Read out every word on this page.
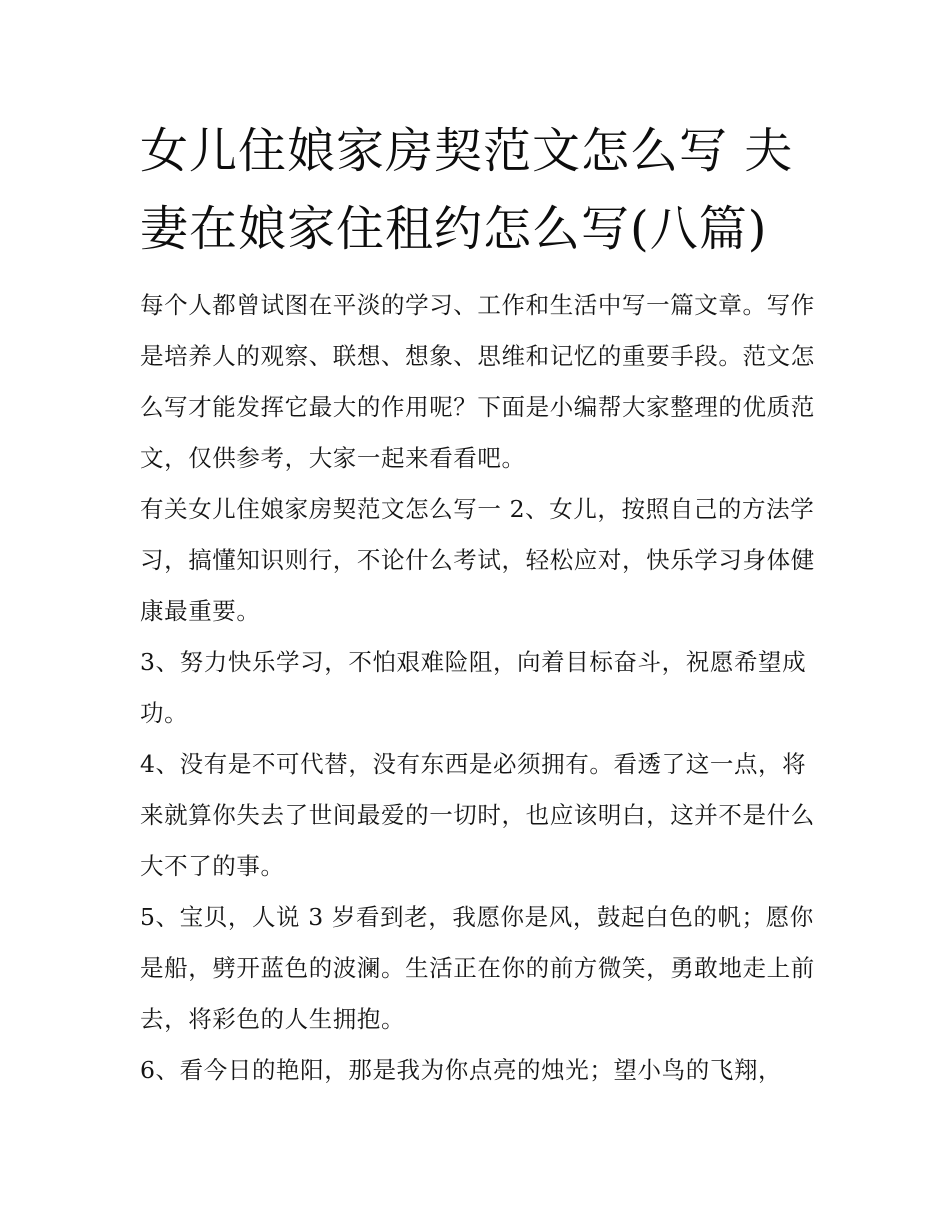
女儿住娘家房契范文怎么写 夫妻在娘家住租约怎么写(八篇)

每个人都曾试图在平淡的学习、工作和生活中写一篇文章。写作是培养人的观察、联想、想象、思维和记忆的重要手段。范文怎么写才能发挥它最大的作用呢？下面是小编帮大家整理的优质范文，仅供参考，大家一起来看看吧。

有关女儿住娘家房契范文怎么写一 2、女儿，按照自己的方法学习，搞懂知识则行，不论什么考试，轻松应对，快乐学习身体健康最重要。

3、努力快乐学习，不怕艰难险阻，向着目标奋斗，祝愿希望成功。

4、没有是不可代替，没有东西是必须拥有。看透了这一点，将来就算你失去了世间最爱的一切时，也应该明白，这并不是什么大不了的事。

5、宝贝，人说 3 岁看到老，我愿你是风，鼓起白色的帆；愿你是船，劈开蓝色的波澜。生活正在你的前方微笑，勇敢地走上前去，将彩色的人生拥抱。

6、看今日的艳阳，那是我为你点亮的烛光；望小鸟的飞翔，
